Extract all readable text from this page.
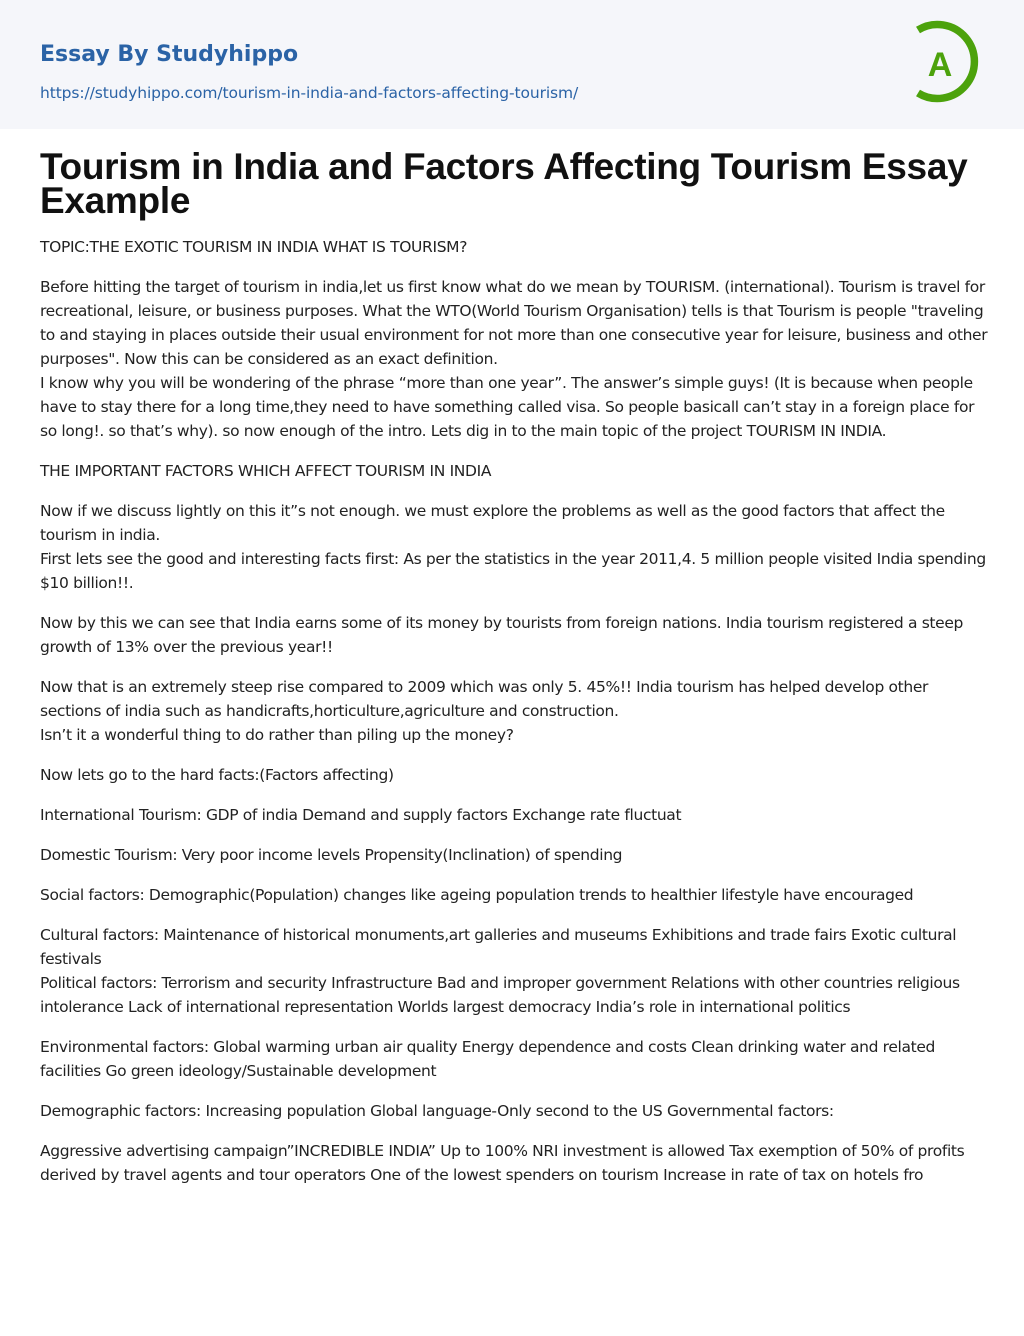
Essay By Studyhippo
https://studyhippo.com/tourism-in-india-and-factors-affecting-tourism/
A
Tourism in India and Factors Affecting Tourism Essay Example

TOPIC:THE EXOTIC TOURISM IN INDIA WHAT IS TOURISM?

Before hitting the target of tourism in india,let us first know what do we mean by TOURISM. (international). Tourism is travel for recreational, leisure, or business purposes. What the WTO(World Tourism Organisation) tells is that Tourism is people "traveling to and staying in places outside their usual environment for not more than one consecutive year for leisure, business and other purposes". Now this can be considered as an exact definition.
I know why you will be wondering of the phrase “more than one year”. The answer’s simple guys! (It is because when people have to stay there for a long time,they need to have something called visa. So people basicall can’t stay in a foreign place for so long!. so that’s why). so now enough of the intro. Lets dig in to the main topic of the project TOURISM IN INDIA.

THE IMPORTANT FACTORS WHICH AFFECT TOURISM IN INDIA

Now if we discuss lightly on this it”s not enough. we must explore the problems as well as the good factors that affect the tourism in india.
First lets see the good and interesting facts first: As per the statistics in the year 2011,4. 5 million people visited India spending $10 billion!!.

Now by this we can see that India earns some of its money by tourists from foreign nations. India tourism registered a steep growth of 13% over the previous year!!

Now that is an extremely steep rise compared to 2009 which was only 5. 45%!! India tourism has helped develop other sections of india such as handicrafts,horticulture,agriculture and construction.
Isn’t it a wonderful thing to do rather than piling up the money?

Now lets go to the hard facts:(Factors affecting)

International Tourism: GDP of india Demand and supply factors Exchange rate fluctuat

Domestic Tourism: Very poor income levels Propensity(Inclination) of spending

Social factors: Demographic(Population) changes like ageing population trends to healthier lifestyle have encouraged

Cultural factors: Maintenance of historical monuments,art galleries and museums Exhibitions and trade fairs Exotic cultural festivals
Political factors: Terrorism and security Infrastructure Bad and improper government Relations with other countries religious intolerance Lack of international representation Worlds largest democracy India’s role in international politics

Environmental factors: Global warming urban air quality Energy dependence and costs Clean drinking water and related facilities Go green ideology/Sustainable development

Demographic factors: Increasing population Global language-Only second to the US Governmental factors:

Aggressive advertising campaign”INCREDIBLE INDIA” Up to 100% NRI investment is allowed Tax exemption of 50% of profits derived by travel agents and tour operators One of the lowest spenders on tourism Increase in rate of tax on hotels fro
